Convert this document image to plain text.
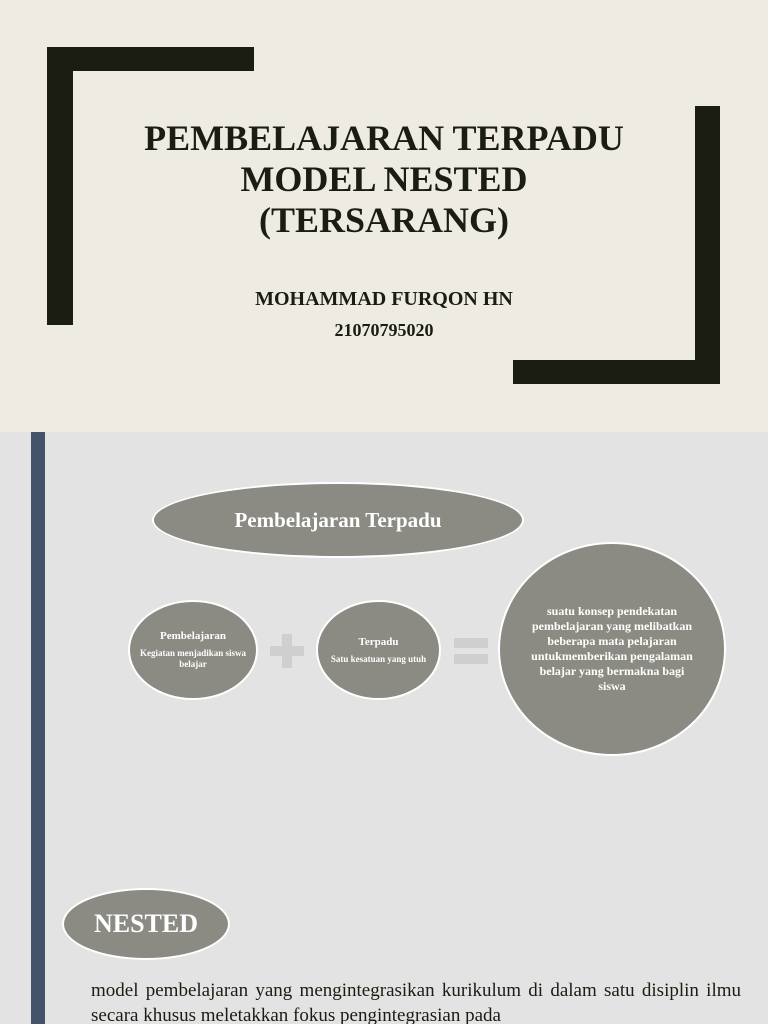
PEMBELAJARAN TERPADU
MODEL NESTED
(TERSARANG)
MOHAMMAD FURQON HN
21070795020
Pembelajaran Terpadu
Pembelajaran
Kegiatan menjadikan siswa belajar
Terpadu
Satu kesatuan yang utuh
suatu konsep pendekatan pembelajaran yang melibatkan beberapa mata pelajaran untukmemberikan pengalaman belajar yang bermakna bagi siswa
NESTED

model pembelajaran yang mengintegrasikan kurikulum di dalam satu disiplin ilmu secara khusus meletakkan fokus pengintegrasian pada
